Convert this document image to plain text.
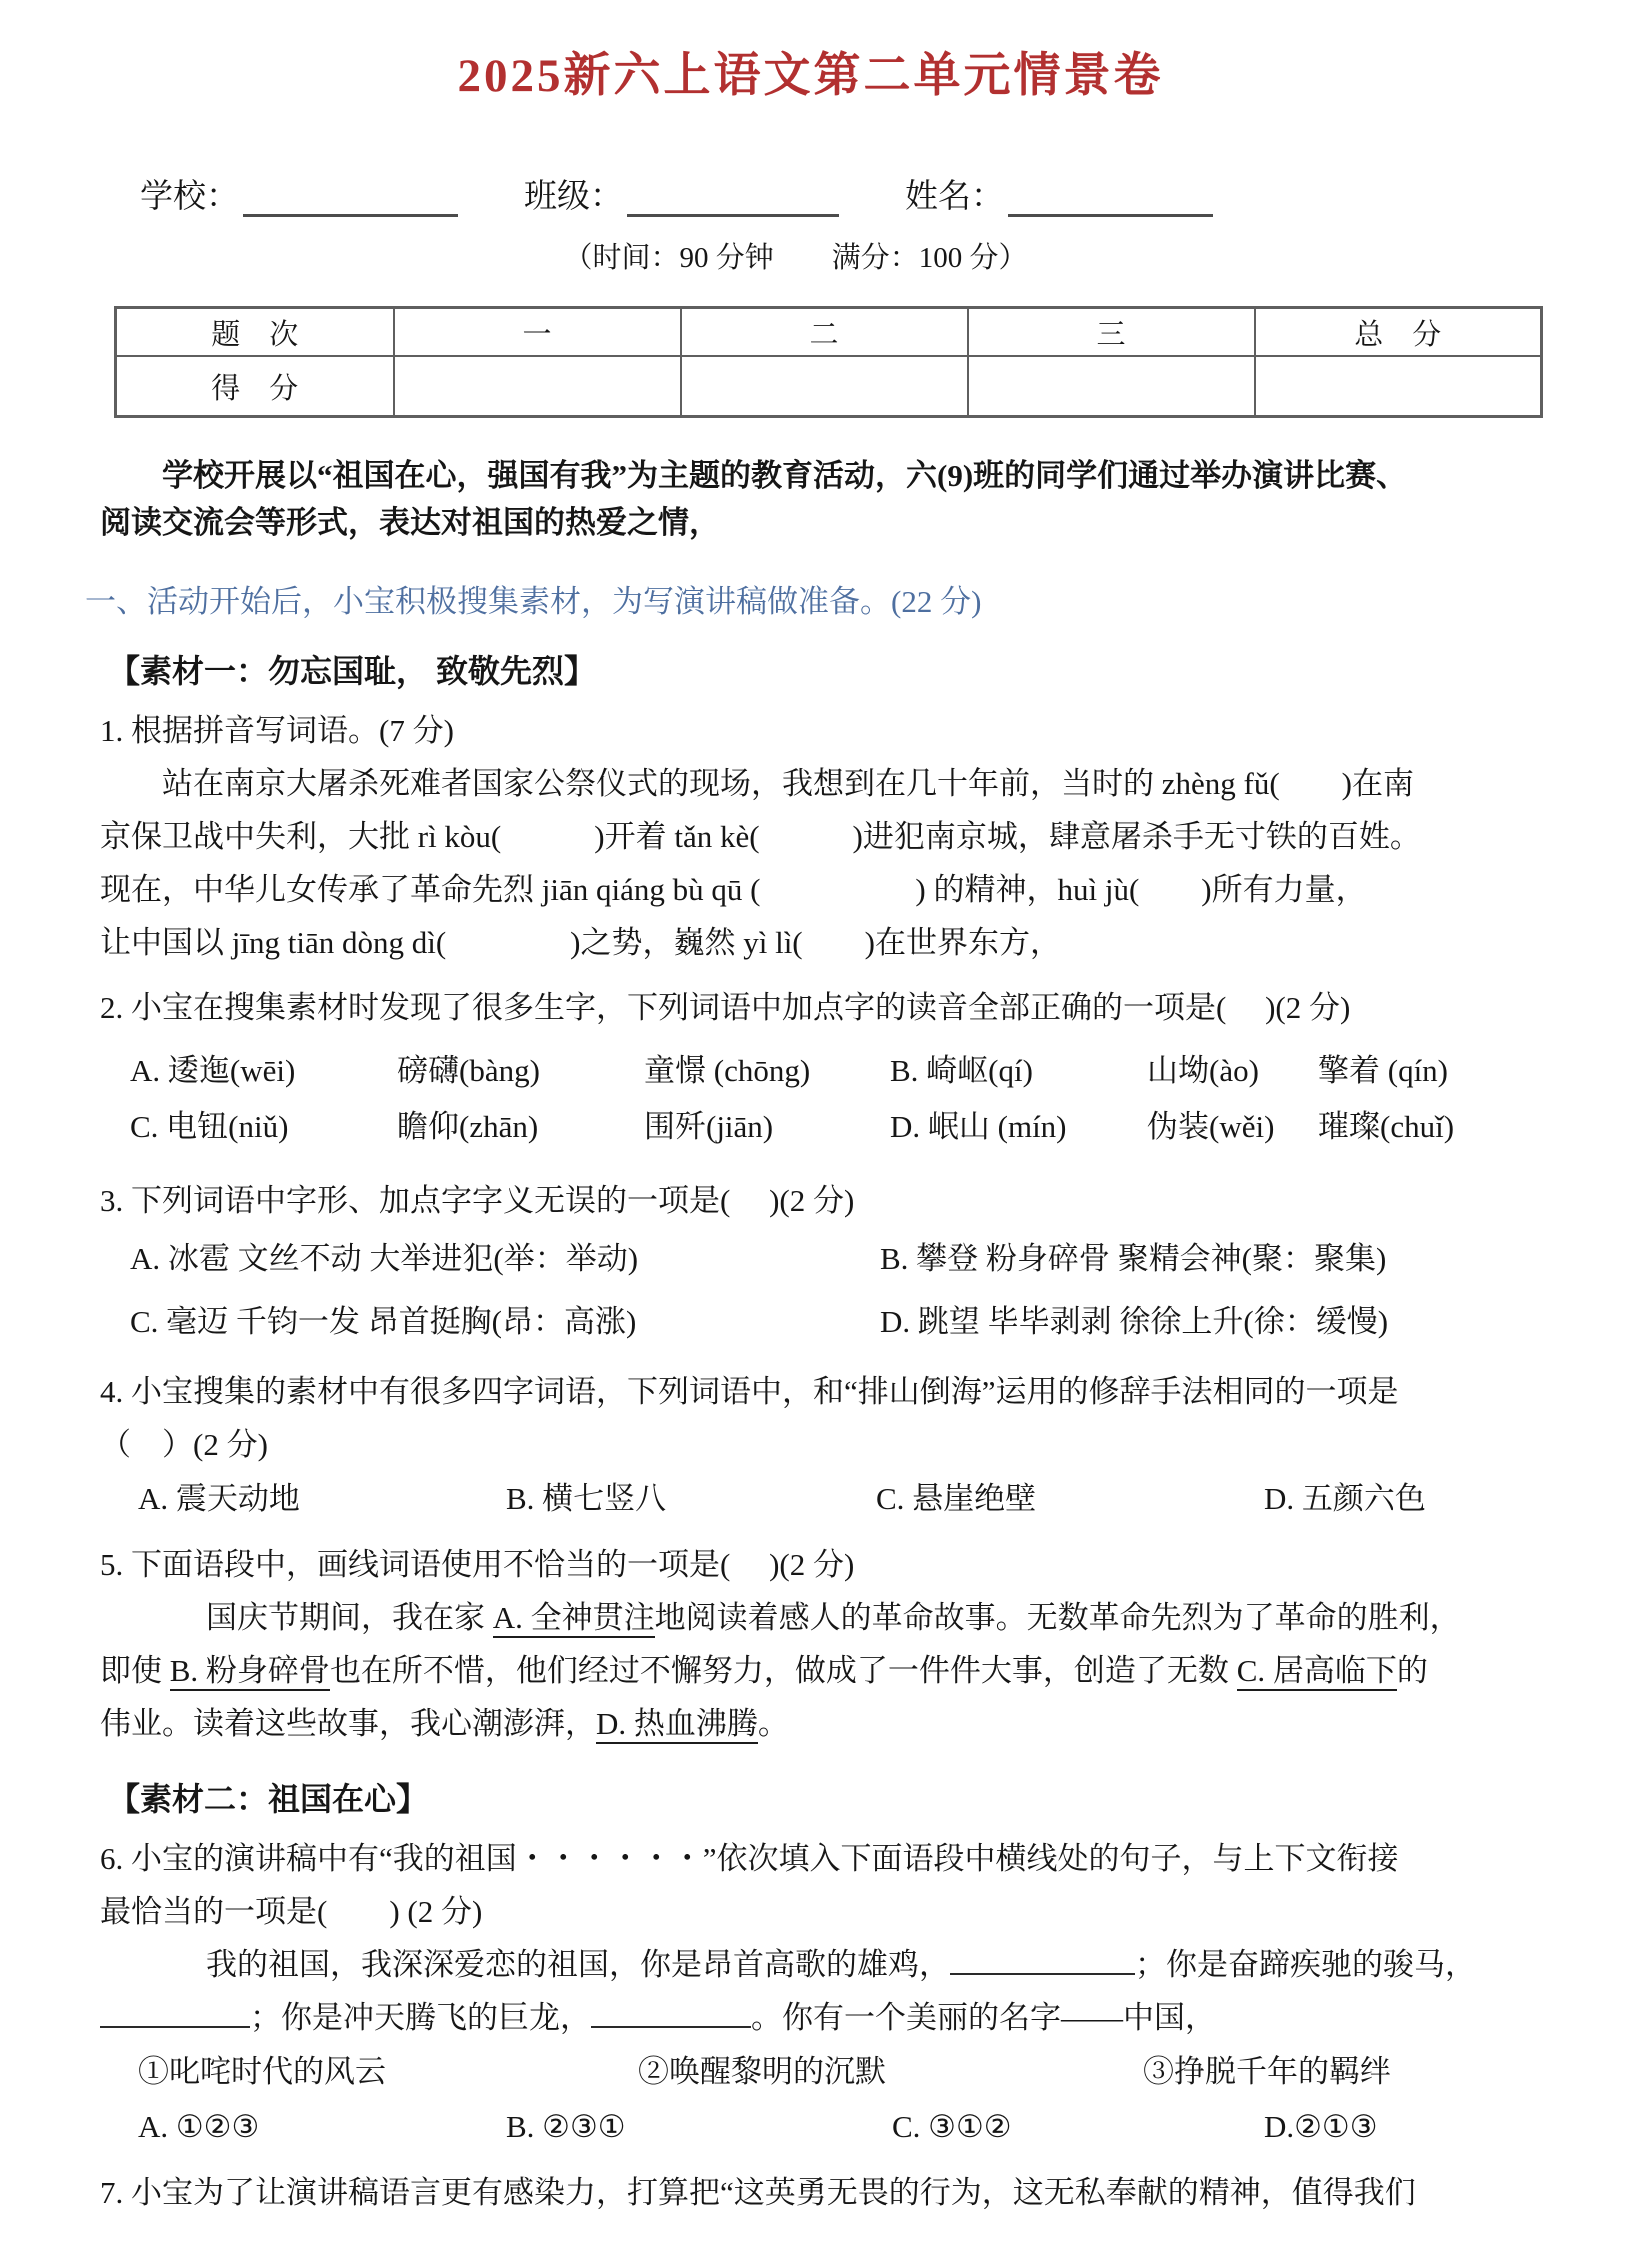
2025新六上语文第二单元情景卷
学校：	班级：	姓名：
（时间：90 分钟　　满分：100 分）
题　次	一	二	三	总　分
得　分				

学校开展以“祖国在心，强国有我”为主题的教育活动，六(9)班的同学们通过举办演讲比赛、

阅读交流会等形式，表达对祖国的热爱之情，

一、活动开始后，小宝积极搜集素材，为写演讲稿做准备。(22 分)

【素材一：勿忘国耻， 致敬先烈】

1. 根据拼音写词语。(7 分)

站在南京大屠杀死难者国家公祭仪式的现场，我想到在几十年前，当时的 zhèng fǔ(　　)在南

京保卫战中失利，大批 rì kòu(　　　)开着 tǎn kè(　　　)进犯南京城，肆意屠杀手无寸铁的百姓。

现在，中华儿女传承了革命先烈 jiān qiáng bù qū (　　　　　) 的精神，huì jù(　　)所有力量，

让中国以 jīng tiān dòng dì(　　　　)之势，巍然 yì lì(　　)在世界东方，

2. 小宝在搜集素材时发现了很多生字，下列词语中加点字的读音全部正确的一项是(　 )(2 分)

A. 逶迤 ·(wēi)	磅礴(bàng)	童憬 (chōng)	B. 崎岖(qí)	山坳 ·(ào)	擎 ·着 (qín)
C. 电钮(niǔ)	瞻仰(zhān)	围歼 ·(jiān)	D. 岷山 (mín)	伪装(wěi)	璀璨(chuǐ)

3. 下列词语中字形、加点字字义无误的一项是(　 )(2 分)

A. 冰雹 文丝不动 大举 ·进犯(举：举动)	B. 攀登 粉身碎骨 聚 ·精会神(聚：聚集)
C. 毫迈 千钧一发 昂 ·首挺胸(昂：高涨)	D. 跳望 毕毕剥剥 徐 ·徐上升(徐：缓慢)

4. 小宝搜集的素材中有很多四字词语，下列词语中，和“排山倒海”运用的修辞手法相同的一项是

（　）(2 分)

A. 震天动地	B. 横七竖八	C. 悬崖绝壁	D. 五颜六色

5. 下面语段中，画线词语使用不恰当的一项是(　 )(2 分)

国庆节期间，我在家 A. 全神贯注地阅读着感人的革命故事。无数革命先烈为了革命的胜利，

即使 B. 粉身碎骨也在所不惜，他们经过不懈努力，做成了一件件大事，创造了无数 C. 居高临下的

伟业。读着这些故事，我心潮澎湃，D. 热血沸腾。

【素材二：祖国在心】

6. 小宝的演讲稿中有“我的祖国・・・・・・”依次填入下面语段中横线处的句子，与上下文衔接

最恰当的一项是(　　) (2 分)

我的祖国，我深深爱恋的祖国，你是昂首高歌的雄鸡，	；你是奋蹄疾驰的骏马，

；你是冲天腾飞的巨龙，	。你有一个美丽的名字——中国，

①叱咤时代的风云	②唤醒黎明的沉默	③挣脱千年的羁绊
A. ①②③	B. ②③①	C. ③①②	D.②①③

7. 小宝为了让演讲稿语言更有感染力，打算把“这英勇无畏的行为，这无私奉献的精神，值得我们
